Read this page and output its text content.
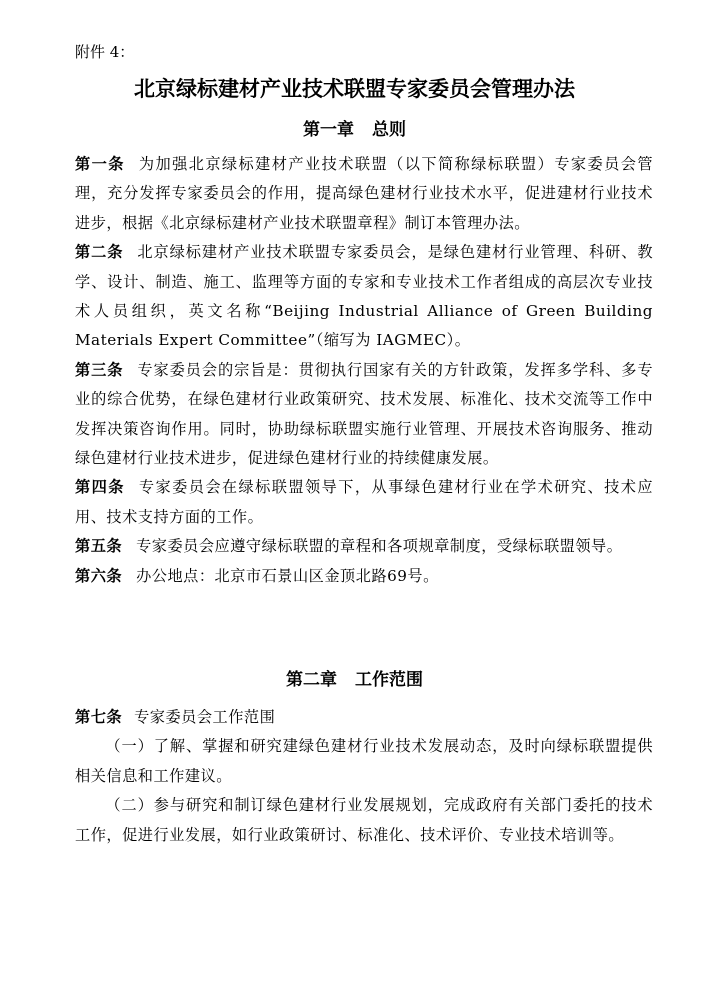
附件 4：
北京绿标建材产业技术联盟专家委员会管理办法
第一章 总则

第一条 为加强北京绿标建材产业技术联盟（以下简称绿标联盟）专家委员会管理，充分发挥专家委员会的作用，提高绿色建材行业技术水平，促进建材行业技术进步，根据《北京绿标建材产业技术联盟章程》制订本管理办法。

第二条 北京绿标建材产业技术联盟专家委员会，是绿色建材行业管理、科研、教学、设计、制造、施工、监理等方面的专家和专业技术工作者组成的高层次专业技术人员组织，英文名称“Beijing Industrial Alliance of Green Building Materials Expert Committee”（缩写为 IAGMEC）。

第三条 专家委员会的宗旨是：贯彻执行国家有关的方针政策，发挥多学科、多专业的综合优势，在绿色建材行业政策研究、技术发展、标准化、技术交流等工作中发挥决策咨询作用。同时，协助绿标联盟实施行业管理、开展技术咨询服务、推动绿色建材行业技术进步，促进绿色建材行业的持续健康发展。

第四条 专家委员会在绿标联盟领导下，从事绿色建材行业在学术研究、技术应用、技术支持方面的工作。

第五条 专家委员会应遵守绿标联盟的章程和各项规章制度，受绿标联盟领导。

第六条 办公地点：北京市石景山区金顶北路69号。

第二章 工作范围

第七条 专家委员会工作范围

（一）了解、掌握和研究建绿色建材行业技术发展动态，及时向绿标联盟提供相关信息和工作建议。

（二）参与研究和制订绿色建材行业发展规划，完成政府有关部门委托的技术工作，促进行业发展，如行业政策研讨、标准化、技术评价、专业技术培训等。
